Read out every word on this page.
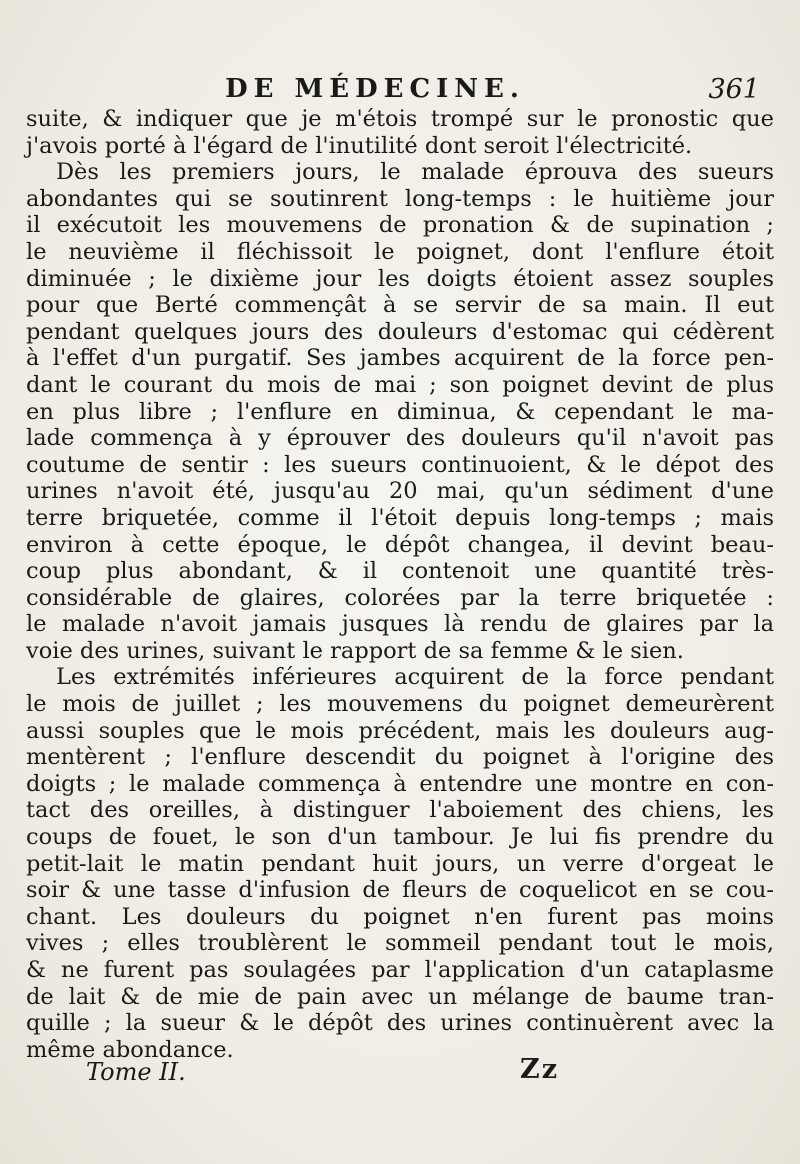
DE MÉDECINE.	361
suite, & indiquer que je m'étois trompé sur le pronostic que
j'avois porté à l'égard de l'inutilité dont seroit l'électricité.
Dès les premiers jours, le malade éprouva des sueurs
abondantes qui se soutinrent long-temps : le huitième jour
il exécutoit les mouvemens de pronation & de supination ;
le neuvième il fléchissoit le poignet, dont l'enflure étoit
diminuée ; le dixième jour les doigts étoient assez souples
pour que Berté commençât à se servir de sa main. Il eut
pendant quelques jours des douleurs d'estomac qui cédèrent
à l'effet d'un purgatif. Ses jambes acquirent de la force pen-
dant le courant du mois de mai ; son poignet devint de plus
en plus libre ; l'enflure en diminua, & cependant le ma-
lade commença à y éprouver des douleurs qu'il n'avoit pas
coutume de sentir : les sueurs continuoient, & le dépot des
urines n'avoit été, jusqu'au 20 mai, qu'un sédiment d'une
terre briquetée, comme il l'étoit depuis long-temps ; mais
environ à cette époque, le dépôt changea, il devint beau-
coup plus abondant, & il contenoit une quantité très-
considérable de glaires, colorées par la terre briquetée :
le malade n'avoit jamais jusques là rendu de glaires par la
voie des urines, suivant le rapport de sa femme & le sien.
Les extrémités inférieures acquirent de la force pendant
le mois de juillet ; les mouvemens du poignet demeurèrent
aussi souples que le mois précédent, mais les douleurs aug-
mentèrent ; l'enflure descendit du poignet à l'origine des
doigts ; le malade commença à entendre une montre en con-
tact des oreilles, à distinguer l'aboiement des chiens, les
coups de fouet, le son d'un tambour. Je lui fis prendre du
petit-lait le matin pendant huit jours, un verre d'orgeat le
soir & une tasse d'infusion de fleurs de coquelicot en se cou-
chant. Les douleurs du poignet n'en furent pas moins
vives ; elles troublèrent le sommeil pendant tout le mois,
& ne furent pas soulagées par l'application d'un cataplasme
de lait & de mie de pain avec un mélange de baume tran-
quille ; la sueur & le dépôt des urines continuèrent avec la
même abondance.
Tome II.	Zz
